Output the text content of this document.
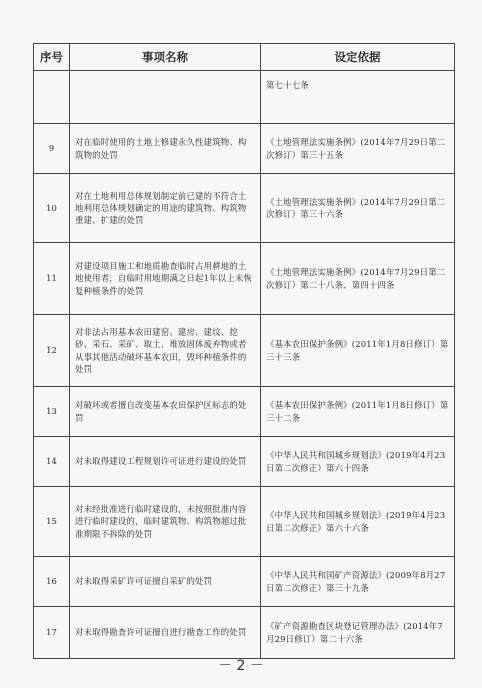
序号	事项名称	设定依据
		第七十七条
9	对在临时使用的土地上修建永久性建筑物、构筑物的处罚	《土地管理法实施条例》(2014年7月29日第二次修订）第三十五条
10	对在土地利用总体规划制定前已建的不符合土地利用总体规划确定的用途的建筑物、构筑物重建、扩建的处罚	《土地管理法实施条例》(2014年7月29日第二次修订）第三十六条
11	对建设项目施工和地质勘查临时占用耕地的土地使用者，自临时用地期满之日起1年以上未恢复种植条件的处罚	《土地管理法实施条例》(2014年7月29日第二次修订）第二十八条、第四十四条
12	对非法占用基本农田建窑、建房、建坟、挖砂、采石、采矿、取土、堆放固体废弃物或者从事其他活动破坏基本农田，毁坏种植条件的处罚	《基本农田保护条例》(2011年1月8日修订）第三十三条
13	对破坏或者擅自改变基本农田保护区标志的处罚	《基本农田保护条例》(2011年1月8日修订）第三十二条
14	对未取得建设工程规划许可证进行建设的处罚	《中华人民共和国城乡规划法》(2019年4月23日第二次修正）第六十四条
15	对未经批准进行临时建设的，未按照批准内容进行临时建设的，临时建筑物、构筑物超过批准期限不拆除的处罚	《中华人民共和国城乡规划法》(2019年4月23日第二次修正）第六十六条
16	对未取得采矿许可证擅自采矿的处罚	《中华人民共和国矿产资源法》(2009年8月27日第二次修正）第三十九条
17	对未取得勘查许可证擅自进行勘查工作的处罚	《矿产资源勘查区块登记管理办法》(2014年7月29日修订）第二十六条
－ 2 －
